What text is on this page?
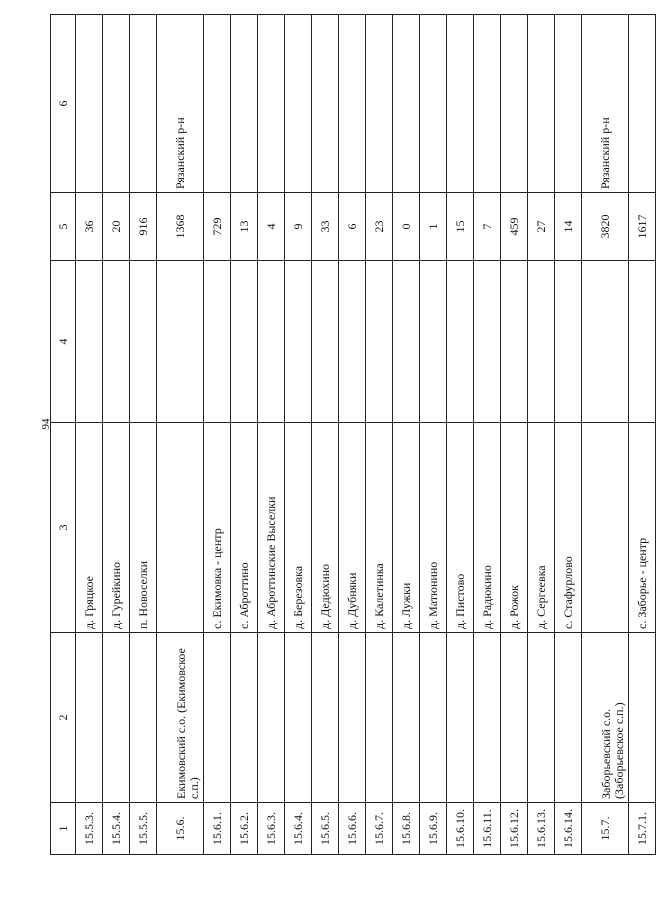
94
1	2	3	4	5	6
15.5.3.		д. Гряцкое		36	
15.5.4.		д. Гурейкино		20	
15.5.5.		п. Новоселки		916	
15.6.	Екимовский с.о. (Екимовское с.п.)			1368	Рязанский р-н
15.6.1.		с. Екимовка - центр		729	
15.6.2.		с. Аброттино		13	
15.6.3.		д. Аброттинские Выселки		4	
15.6.4.		д. Березовка		9	
15.6.5.		д. Дедюхино		33	
15.6.6.		д. Дубняки		6	
15.6.7.		д. Калетинка		23	
15.6.8.		д. Лужки		0	
15.6.9.		д. Матюнино		1	
15.6.10.		д. Пистово		15	
15.6.11.		д. Радюкино		7	
15.6.12.		д. Рожок		459	
15.6.13.		д. Сергеевка		27	
15.6.14.		с. Стафурлово		14	
15.7.	Заборьевский с.о. (Заборьевское с.п.)			3820	Рязанский р-н
15.7.1.		с. Заборье - центр		1617	
